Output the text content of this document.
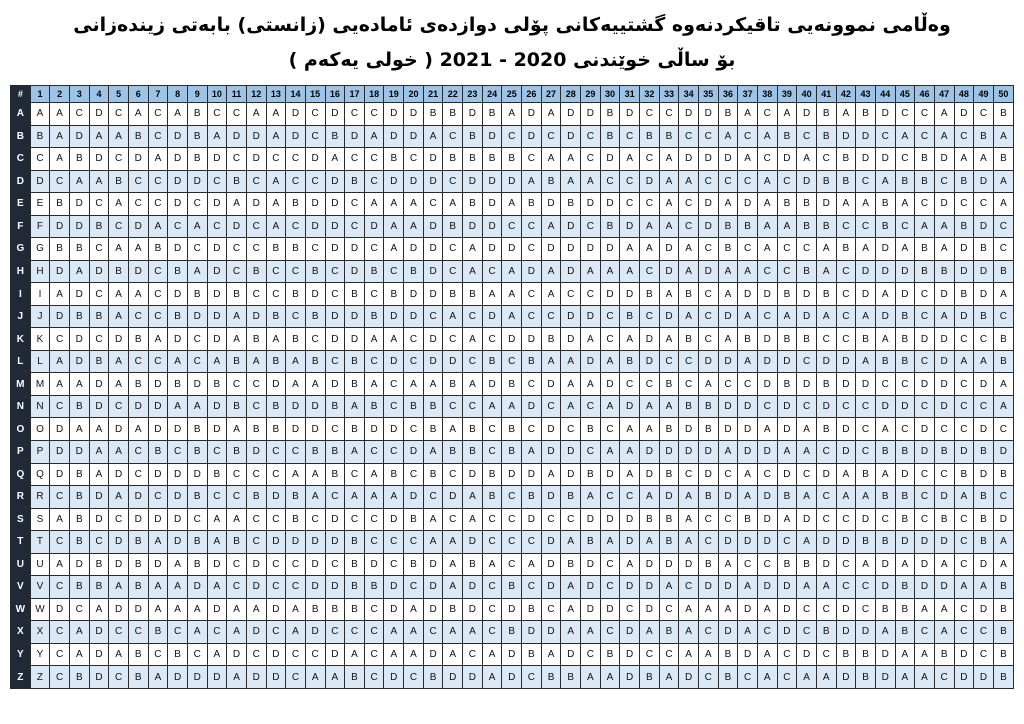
وەڵامی نموونەیی تاقیکردنەوە گشتییەکانی پۆلی دوازدەی ئامادەیی (زانستی) بابەتی زیندەزانی
بۆ ساڵی خوێندنی 2020 - 2021 ( خولی یەکەم )
#	1	2	3	4	5	6	7	8	9	10	11	12	13	14	15	16	17	18	19	20	21	22	23	24	25	26	27	28	29	30	31	32	33	34	35	36	37	38	39	40	41	42	43	44	45	46	47	48	49	50
A	A	A	C	D	C	A	C	A	B	C	C	A	A	D	C	D	C	C	D	D	B	B	D	B	A	D	A	D	D	B	D	C	C	D	D	B	A	C	A	D	B	A	B	D	C	C	A	D	C	B
B	B	A	D	A	A	B	C	D	B	A	D	D	A	D	C	B	D	A	D	D	A	C	B	D	C	D	C	D	C	B	C	B	B	C	C	A	C	A	B	C	B	D	D	C	A	C	A	C	B	A
C	C	A	B	D	C	D	A	D	B	D	C	D	C	C	D	A	C	C	B	C	D	B	B	B	B	C	A	A	C	D	A	C	A	D	D	D	A	C	D	A	C	B	D	D	C	B	D	A	A	B
D	D	C	A	A	B	C	C	D	D	C	B	C	A	C	C	D	B	C	D	D	D	C	D	D	D	A	B	A	A	C	C	D	A	A	C	C	C	A	C	D	B	B	C	A	B	B	C	B	D	A
E	E	B	D	C	A	C	C	D	C	D	A	D	A	B	D	D	C	A	A	A	C	A	B	D	A	B	D	B	D	D	C	C	A	C	D	A	D	A	B	B	D	A	A	B	A	C	D	C	C	A
F	F	D	D	B	C	D	A	C	A	C	D	C	A	C	D	D	C	D	A	A	D	B	D	D	C	C	A	D	C	B	D	A	A	C	D	B	B	A	A	B	B	C	C	B	C	A	A	B	D	C
G	G	B	B	C	A	A	B	D	C	D	C	C	B	B	C	D	D	C	A	D	D	C	A	D	D	C	D	D	D	D	A	A	D	A	C	B	C	A	C	C	A	B	A	D	A	B	A	D	B	C
H	H	D	A	D	B	D	C	B	A	D	C	B	C	C	B	C	D	B	C	B	D	C	A	C	A	D	A	D	A	A	A	C	D	A	D	A	A	C	C	B	A	C	D	D	D	B	B	D	D	B
I	I	A	D	C	A	A	C	D	B	D	B	C	C	B	D	C	B	C	B	D	D	B	B	A	A	C	A	C	C	D	D	B	A	B	C	A	D	D	B	D	B	C	D	A	D	C	D	B	D	A
J	J	D	B	B	A	C	C	B	D	D	A	D	B	C	B	D	D	B	D	D	C	A	C	D	A	C	C	D	D	C	B	C	D	A	C	D	A	C	A	D	A	C	A	D	B	C	A	D	B	C
K	K	C	D	C	D	B	A	D	C	D	A	B	A	B	C	D	D	A	A	C	D	C	A	C	D	D	B	D	A	C	A	D	A	B	C	A	B	D	B	B	C	C	B	A	B	D	D	C	C	B
L	L	A	D	B	A	C	C	A	C	A	B	A	B	A	B	C	B	C	D	C	D	D	C	B	C	B	A	A	D	A	B	D	C	C	D	D	A	D	D	C	D	D	A	B	B	C	D	A	A	B
M	M	A	A	D	A	B	D	B	D	B	C	C	D	A	A	D	B	A	C	A	A	B	A	D	B	C	D	A	A	D	C	C	B	C	A	C	C	D	B	D	B	D	D	C	C	D	D	C	D	A
N	N	C	B	D	C	D	D	A	A	D	B	C	B	D	D	B	A	B	C	B	B	C	C	A	A	D	C	A	C	A	D	A	A	B	B	D	D	C	D	C	D	C	C	D	D	C	D	C	C	A
O	O	D	A	A	D	A	D	D	B	D	A	B	B	D	D	C	B	D	D	C	B	A	B	C	B	C	D	C	B	C	A	A	B	D	B	D	D	A	D	A	B	D	C	A	C	D	C	C	D	C
P	P	D	D	A	A	C	B	C	B	C	B	D	C	C	B	B	A	C	C	D	A	B	B	C	B	A	D	D	C	A	A	D	D	D	D	A	D	D	A	A	C	D	C	B	B	D	B	D	B	D
Q	Q	D	B	A	D	C	D	D	D	B	C	C	C	A	A	B	C	A	B	C	B	C	D	B	D	D	A	D	B	D	A	D	B	C	D	C	A	C	D	C	D	A	B	A	D	C	C	B	D	B
R	R	C	B	D	A	D	C	D	B	C	C	B	D	B	A	C	A	A	A	D	C	D	A	B	C	B	D	B	A	C	C	A	D	A	B	D	A	D	B	A	C	A	A	B	B	C	D	A	B	C
S	S	A	B	D	C	D	D	D	C	A	A	C	C	B	C	D	C	C	D	B	A	C	A	C	C	D	C	C	D	D	D	B	B	A	C	C	B	D	A	D	C	C	D	C	B	C	B	C	B	D
T	T	C	B	C	D	B	A	D	B	A	B	C	D	D	D	D	B	C	C	C	A	A	D	C	C	C	D	A	B	A	D	A	B	A	C	D	D	D	C	A	D	D	B	B	D	D	D	C	B	A
U	U	A	D	B	D	B	D	A	B	D	C	D	C	C	D	C	B	D	C	B	D	A	B	A	C	A	D	B	D	C	A	D	D	D	B	A	C	C	B	B	D	C	A	D	A	D	A	C	D	A
V	V	C	B	B	A	B	A	A	D	A	C	D	C	C	D	D	B	B	D	C	D	A	D	C	B	C	D	A	D	C	D	D	A	C	D	D	A	D	D	A	A	C	C	D	B	D	D	A	A	B
W	W	D	C	A	D	D	A	A	A	D	A	A	D	A	B	B	B	C	D	A	D	B	D	C	D	B	C	A	D	D	C	D	C	A	A	A	D	A	D	C	C	D	C	B	B	A	A	C	D	B
X	X	C	A	D	C	C	B	C	A	C	A	D	C	A	D	C	C	C	A	A	C	A	A	C	B	D	D	A	A	C	D	A	B	A	C	D	A	C	D	C	B	D	D	A	B	C	A	C	C	B
Y	Y	C	A	D	A	B	C	B	C	A	D	C	D	C	C	D	A	C	A	A	D	A	C	A	D	B	A	D	C	B	D	C	C	A	A	B	D	A	C	D	C	B	B	D	A	A	B	D	C	B
Z	Z	C	B	D	C	B	A	D	D	D	A	D	D	C	A	A	B	C	D	C	B	D	D	A	D	C	B	B	A	A	D	B	A	D	C	B	C	A	C	A	A	D	B	D	A	A	C	D	D	B
